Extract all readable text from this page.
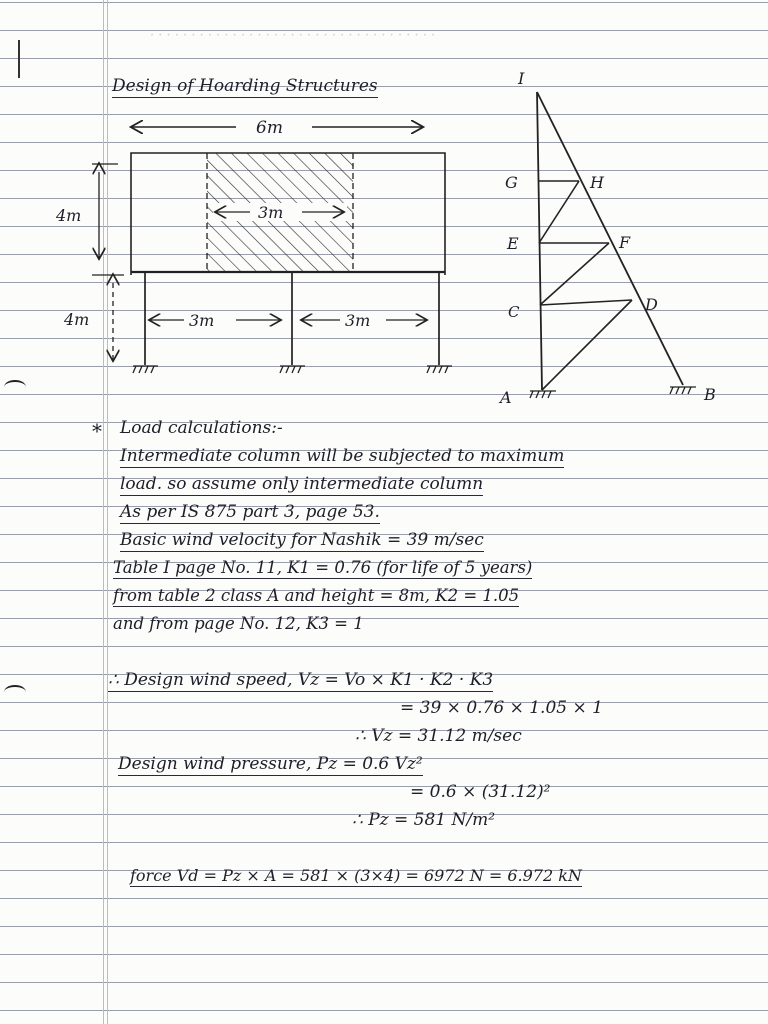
· · · · · · · · · · · · · · · · · · · · · · · · · · · · · · · · · · ·
Design of Hoarding Structures
6m
3m
4m
4m	3m	3m
I
G	H
E	F
C	D
A	B
* Load calculations:-
Intermediate column will be subjected to maximum
load. so assume only intermediate column
As per IS 875 part 3, page 53.
Basic wind velocity for Nashik = 39 m/sec
Table I page No. 11, K1 = 0.76 (for life of 5 years)
from table 2 class A and height = 8m, K2 = 1.05
and from page No. 12, K3 = 1
∴ Design wind speed, Vz = Vo × K1 · K2 · K3
= 39 × 0.76 × 1.05 × 1
∴ Vz = 31.12 m/sec
Design wind pressure, Pz = 0.6 Vz²
= 0.6 × (31.12)²
∴ Pz = 581 N/m²
force Vd = Pz × A = 581 × (3×4) = 6972 N = 6.972 kN
